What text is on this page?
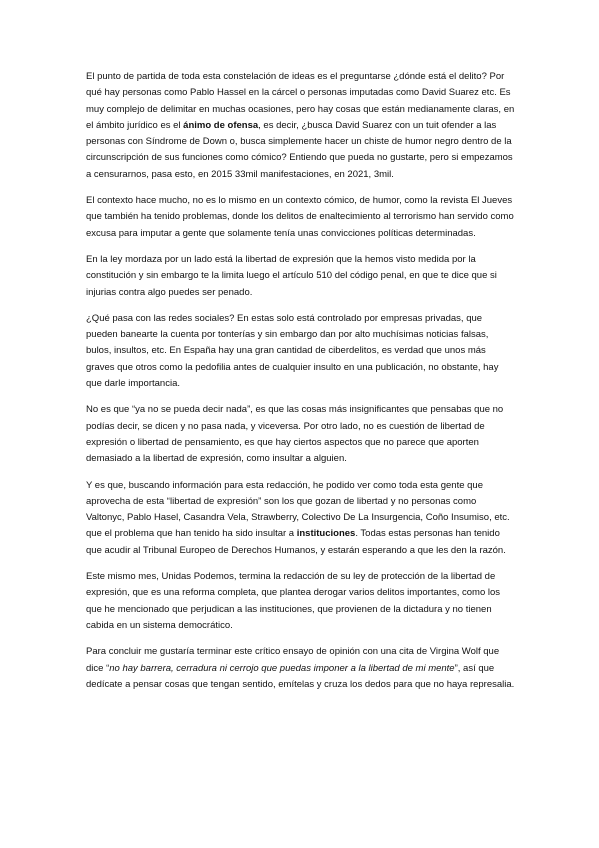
El punto de partida de toda esta constelación de ideas es el preguntarse ¿dónde está el delito? Por qué hay personas como Pablo Hassel en la cárcel o personas imputadas como David Suarez etc. Es muy complejo de delimitar en muchas ocasiones, pero hay cosas que están medianamente claras, en el ámbito jurídico es el ánimo de ofensa, es decir, ¿busca David Suarez con un tuit ofender a las personas con Síndrome de Down o, busca simplemente hacer un chiste de humor negro dentro de la circunscripción de sus funciones como cómico? Entiendo que pueda no gustarte, pero si empezamos a censurarnos, pasa esto, en 2015 33mil manifestaciones, en 2021, 3mil.

El contexto hace mucho, no es lo mismo en un contexto cómico, de humor, como la revista El Jueves que también ha tenido problemas, donde los delitos de enaltecimiento al terrorismo han servido como excusa para imputar a gente que solamente tenía unas convicciones políticas determinadas.

En la ley mordaza por un lado está la libertad de expresión que la hemos visto medida por la constitución y sin embargo te la limita luego el artículo 510 del código penal, en que te dice que si injurias contra algo puedes ser penado.

¿Qué pasa con las redes sociales? En estas solo está controlado por empresas privadas, que pueden banearte la cuenta por tonterías y sin embargo dan por alto muchísimas noticias falsas, bulos, insultos, etc. En España hay una gran cantidad de ciberdelitos, es verdad que unos más graves que otros como la pedofilia antes de cualquier insulto en una publicación, no obstante, hay que darle importancia.

No es que “ya no se pueda decir nada”, es que las cosas más insignificantes que pensabas que no podías decir, se dicen y no pasa nada, y viceversa. Por otro lado, no es cuestión de libertad de expresión o libertad de pensamiento, es que hay ciertos aspectos que no parece que aporten demasiado a la libertad de expresión, como insultar a alguien.

Y es que, buscando información para esta redacción, he podido ver como toda esta gente que aprovecha de esta “libertad de expresión” son los que gozan de libertad y no personas como Valtonyc, Pablo Hasel, Casandra Vela, Strawberry, Colectivo De La Insurgencia, Coño Insumiso, etc. que el problema que han tenido ha sido insultar a instituciones. Todas estas personas han tenido que acudir al Tribunal Europeo de Derechos Humanos, y estarán esperando a que les den la razón.

Este mismo mes, Unidas Podemos, termina la redacción de su ley de protección de la libertad de expresión, que es una reforma completa, que plantea derogar varios delitos importantes, como los que he mencionado que perjudican a las instituciones, que provienen de la dictadura y no tienen cabida en un sistema democrático.

Para concluir me gustaría terminar este crítico ensayo de opinión con una cita de Virgina Wolf que dice “no hay barrera, cerradura ni cerrojo que puedas imponer a la libertad de mi mente”, así que dedícate a pensar cosas que tengan sentido, emítelas y cruza los dedos para que no haya represalia.
